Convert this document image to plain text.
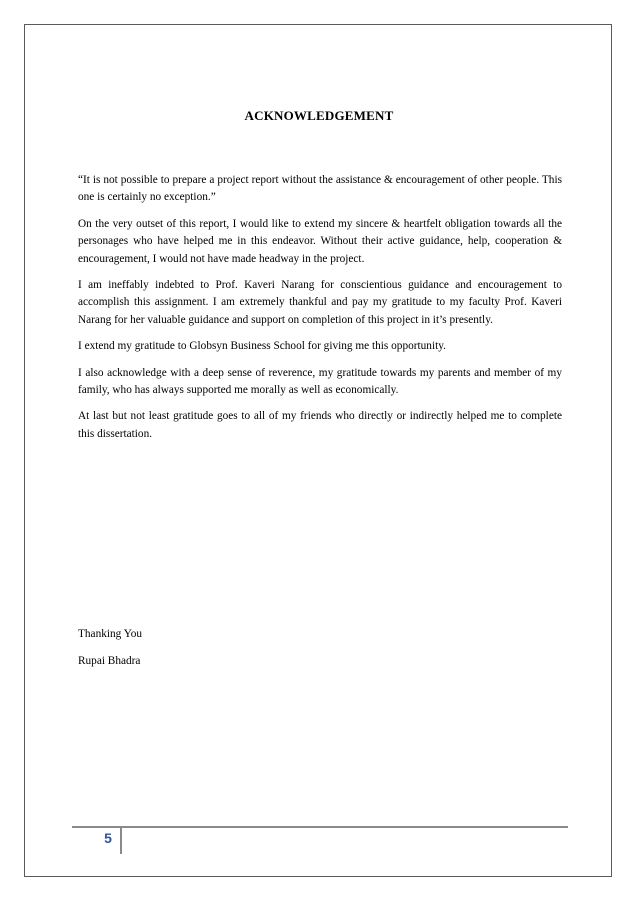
ACKNOWLEDGEMENT

“It is not possible to prepare a project report without the assistance & encouragement of other people. This one is certainly no exception.”

On the very outset of this report, I would like to extend my sincere & heartfelt obligation towards all the personages who have helped me in this endeavor. Without their active guidance, help, cooperation & encouragement, I would not have made headway in the project.

I am ineffably indebted to Prof. Kaveri Narang for conscientious guidance and encouragement to accomplish this assignment. I am extremely thankful and pay my gratitude to my faculty Prof. Kaveri Narang for her valuable guidance and support on completion of this project in it’s presently.

I extend my gratitude to Globsyn Business School for giving me this opportunity.

I also acknowledge with a deep sense of reverence, my gratitude towards my parents and member of my family, who has always supported me morally as well as economically.

At last but not least gratitude goes to all of my friends who directly or indirectly helped me to complete this dissertation.

Thanking You

Rupai Bhadra

5
